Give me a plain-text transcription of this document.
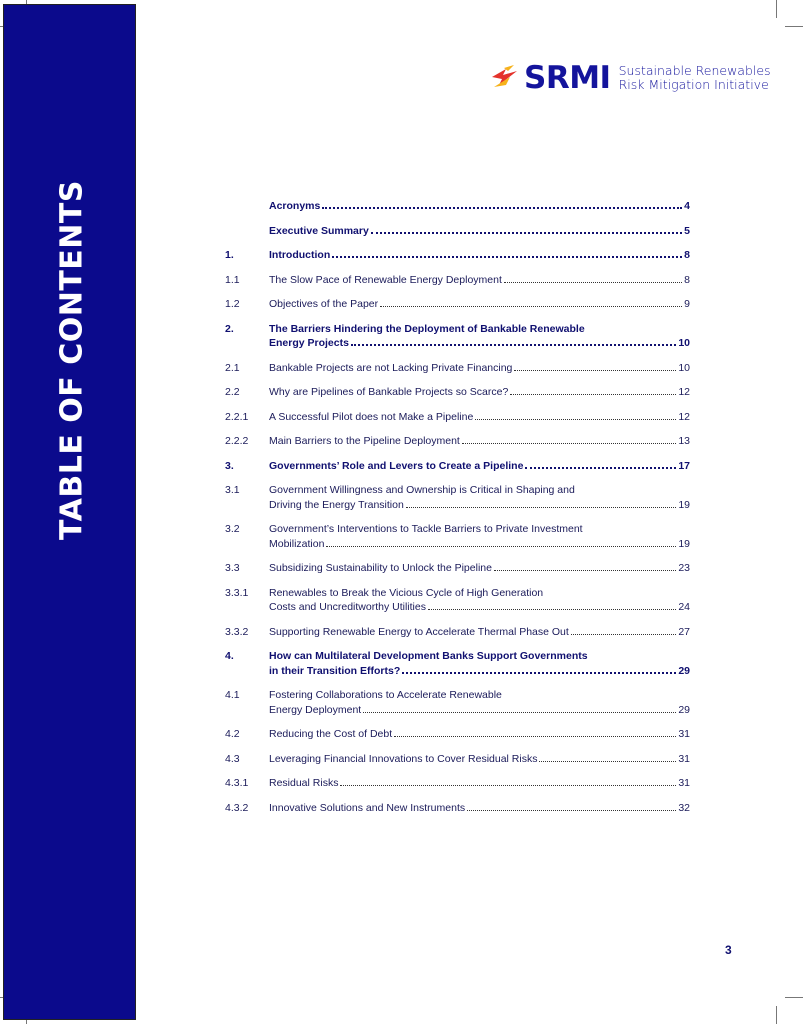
TABLE OF CONTENTS
SRMI Sustainable Renewables
Risk Mitigation Initiative
Acronyms	4
Executive Summary	5
1.	Introduction	8
1.1	The Slow Pace of Renewable Energy Deployment	8
1.2	Objectives of the Paper	9
2.	The Barriers Hindering the Deployment of Bankable Renewable
Energy Projects	10
2.1	Bankable Projects are not Lacking Private Financing	10
2.2	Why are Pipelines of Bankable Projects so Scarce?	12
2.2.1	A Successful Pilot does not Make a Pipeline	12
2.2.2	Main Barriers to the Pipeline Deployment	13
3.	Governments’ Role and Levers to Create a Pipeline	17
3.1	Government Willingness and Ownership is Critical in Shaping and
Driving the Energy Transition	19
3.2	Government’s Interventions to Tackle Barriers to Private Investment
Mobilization	19
3.3	Subsidizing Sustainability to Unlock the Pipeline	23
3.3.1	Renewables to Break the Vicious Cycle of High Generation
Costs and Uncreditworthy Utilities	24
3.3.2	Supporting Renewable Energy to Accelerate Thermal Phase Out	27
4.	How can Multilateral Development Banks Support Governments
in their Transition Efforts?	29
4.1	Fostering Collaborations to Accelerate Renewable
Energy Deployment	29
4.2	Reducing the Cost of Debt	31
4.3	Leveraging Financial Innovations to Cover Residual Risks	31
4.3.1	Residual Risks	31
4.3.2	Innovative Solutions and New Instruments	32
3
